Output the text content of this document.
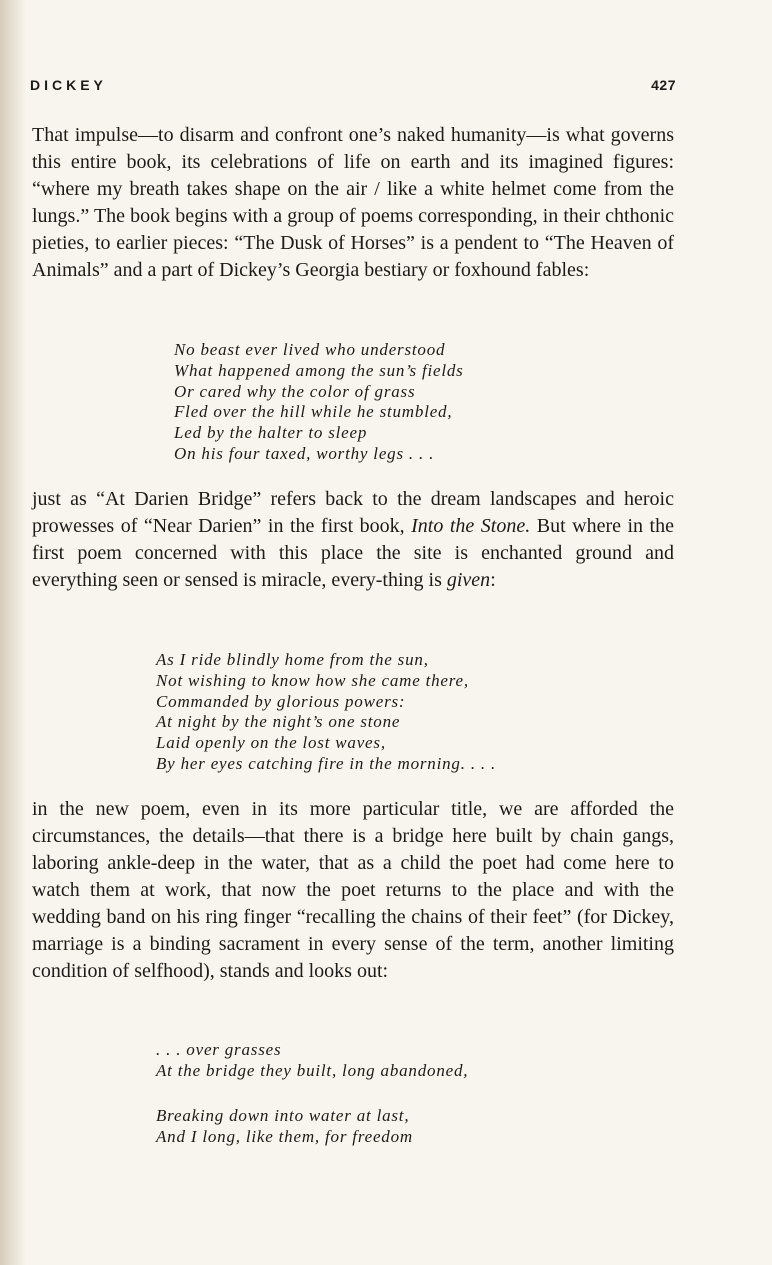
DICKEY	427

That impulse—to disarm and confront one’s naked humanity—is what governs this entire book, its celebrations of life on earth and its imagined figures: “where my breath takes shape on the air / like a white helmet come from the lungs.” The book begins with a group of poems corresponding, in their chthonic pieties, to earlier pieces: “The Dusk of Horses” is a pendent to “The Heaven of Animals” and a part of Dickey’s Georgia bestiary or foxhound fables:

No beast ever lived who understood
What happened among the sun’s fields
Or cared why the color of grass
Fled over the hill while he stumbled,
Led by the halter to sleep
On his four taxed, worthy legs . . .

just as “At Darien Bridge” refers back to the dream landscapes and heroic prowesses of “Near Darien” in the first book, Into the Stone. But where in the first poem concerned with this place the site is enchanted ground and everything seen or sensed is miracle, every-thing is given:

As I ride blindly home from the sun,
Not wishing to know how she came there,
Commanded by glorious powers:
At night by the night’s one stone
Laid openly on the lost waves,
By her eyes catching fire in the morning. . . .

in the new poem, even in its more particular title, we are afforded the circumstances, the details—that there is a bridge here built by chain gangs, laboring ankle-deep in the water, that as a child the poet had come here to watch them at work, that now the poet returns to the place and with the wedding band on his ring finger “recalling the chains of their feet” (for Dickey, marriage is a binding sacrament in every sense of the term, another limiting condition of selfhood), stands and looks out:

. . . over grasses
At the bridge they built, long abandoned,
Breaking down into water at last,
And I long, like them, for freedom
